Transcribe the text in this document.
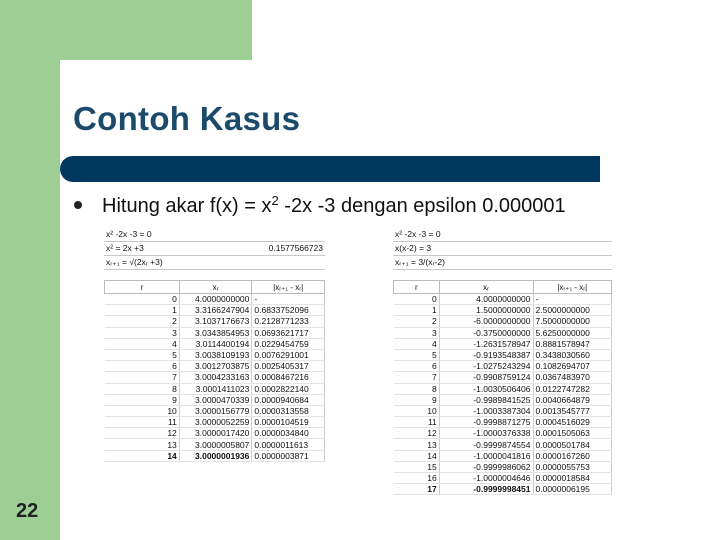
Contoh Kasus
Hitung akar $f(x) = x^2$ -2x -3 dengan epsilon 0.000001
22
x² -2x -3 = 0
x² = 2x +3	0.1577566723
xᵣ₊₁ = √(2xᵣ +3)
r	xᵣ	|xᵣ₊₁ - xᵣ|
0	4.0000000000	-
1	3.3166247904	0.6833752096
2	3.1037176673	0.2128771233
3	3.0343854953	0.0693621717
4	3.0114400194	0.0229454759
5	3.0038109193	0.0076291001
6	3.0012703875	0.0025405317
7	3.0004233163	0.0008467216
8	3.0001411023	0.0002822140
9	3.0000470339	0.0000940684
10	3.0000156779	0.0000313558
11	3.0000052259	0.0000104519
12	3.0000017420	0.0000034840
13	3.0000005807	0.0000011613
14	3.0000001936	0.0000003871
x² -2x -3 = 0
x(x-2) = 3
xᵣ₊₁ = 3/(xᵣ-2)
r	xᵣ	|xᵣ₊₁ - xᵣ|
0	4.0000000000	-
1	1.5000000000	2.5000000000
2	-6.0000000000	7.5000000000
3	-0.3750000000	5.6250000000
4	-1.2631578947	0.8881578947
5	-0.9193548387	0.3438030560
6	-1.0275243294	0.1082694707
7	-0.9908759124	0.0367483970
8	-1.0030506406	0.0122747282
9	-0.9989841525	0.0040664879
10	-1.0003387304	0.0013545777
11	-0.9998871275	0.0004516029
12	-1.0000376338	0.0001505063
13	-0.9999874554	0.0000501784
14	-1.0000041816	0.0000167260
15	-0.9999986062	0.0000055753
16	-1.0000004646	0.0000018584
17	-0.9999998451	0.0000006195
